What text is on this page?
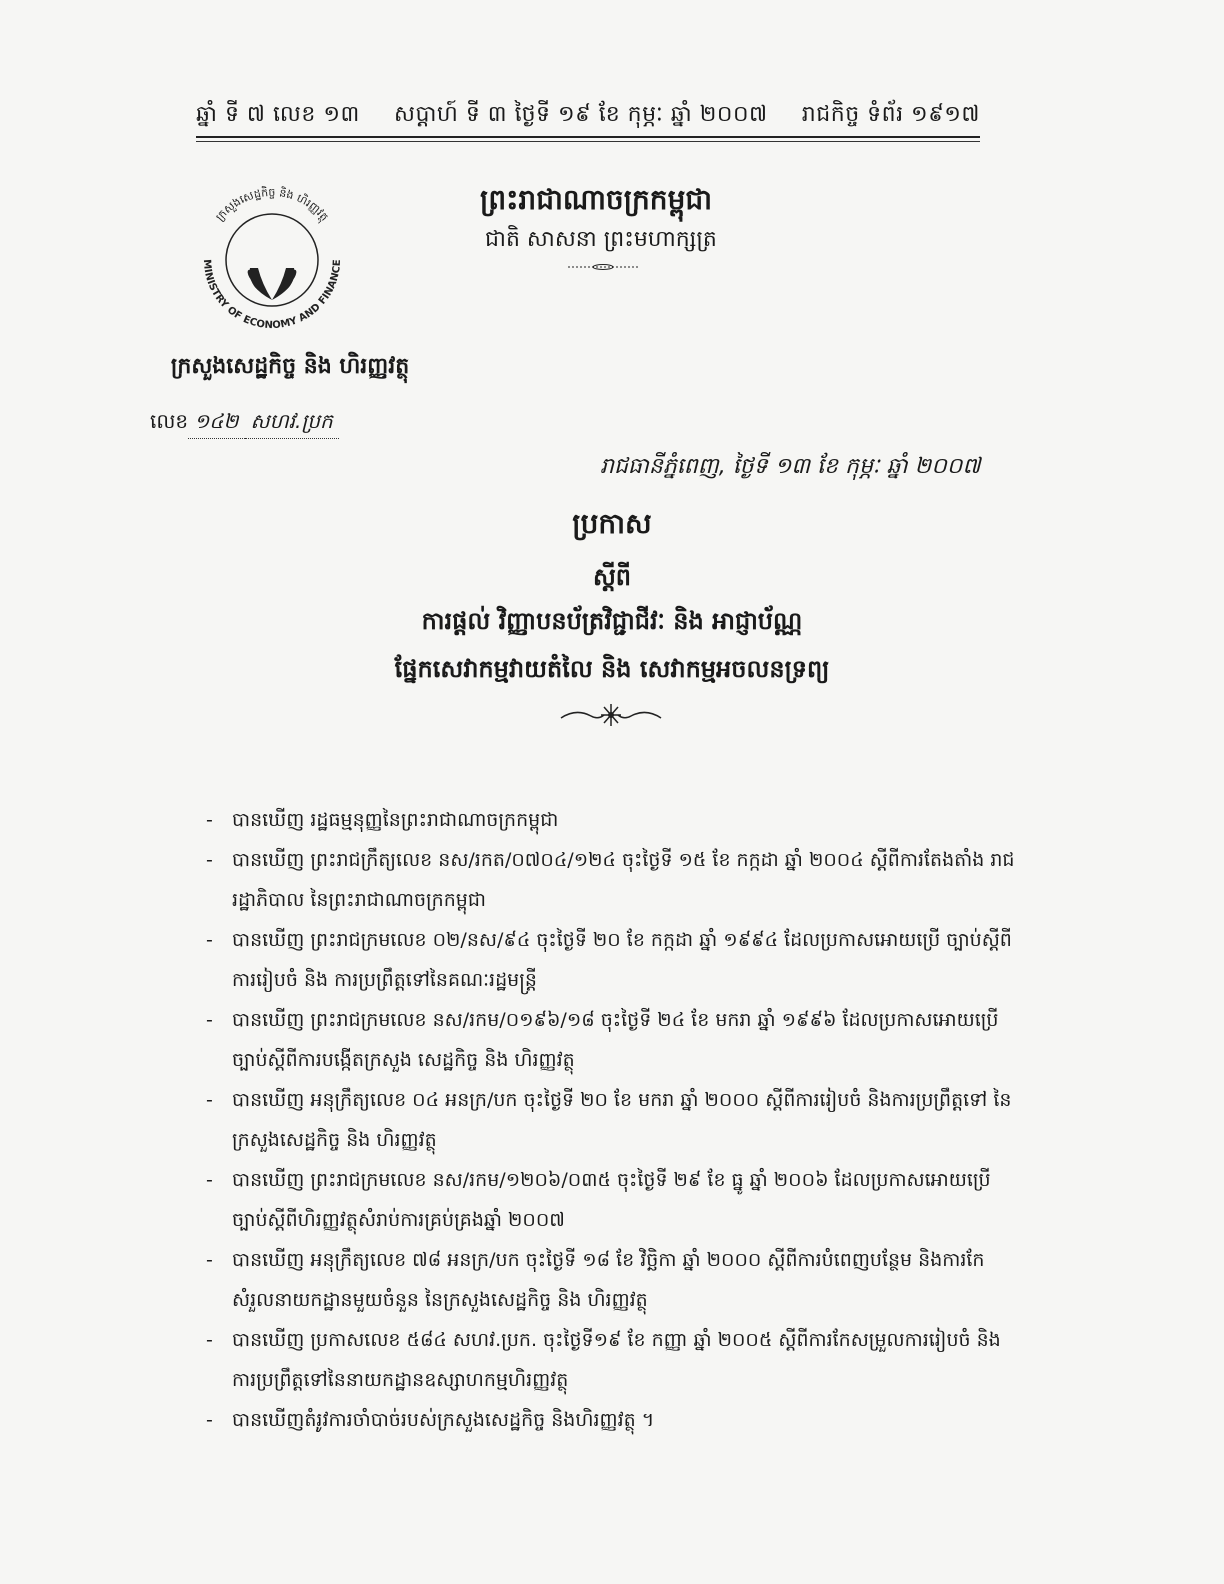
ឆ្នាំ ទី ៧ លេខ ១៣ សប្តាហ៍ ទី ៣ ថ្ងៃទី ១៩ ខែ កុម្ភៈ ឆ្នាំ ២០០៧ រាជកិច្ច ទំព័រ ១៩១៧
ក្រសួងសេដ្ឋកិច្ច និង ហិរញ្ញវត្ថុ
MINISTRY OF ECONOMY AND FINANCE
ក្រសួងសេដ្ឋកិច្ច និង ហិរញ្ញវត្ថុ
លេខ ១៤២ សហវ.ប្រក
ព្រះរាជាណាចក្រកម្ពុជា
ជាតិ សាសនា ព្រះមហាក្សត្រ
រាជធានីភ្នំពេញ, ថ្ងៃទី ១៣ ខែ កុម្ភៈ ឆ្នាំ ២០០៧
ប្រកាស
ស្តីពី
ការផ្តល់ វិញ្ញាបនប័ត្រវិជ្ជាជីវៈ និង អាជ្ញាប័ណ្ណ
ផ្នែកសេវាកម្មវាយតំលៃ និង សេវាកម្មអចលនទ្រព្យ
- បានឃើញ រដ្ឋធម្មនុញ្ញនៃព្រះរាជាណាចក្រកម្ពុជា
- បានឃើញ ព្រះរាជក្រឹត្យលេខ នស/រកត/០៧០៤/១២៤ ចុះថ្ងៃទី ១៥ ខែ កក្កដា ឆ្នាំ ២០០៤ ស្តីពីការតែងតាំង រាជរដ្ឋាភិបាល នៃព្រះរាជាណាចក្រកម្ពុជា
- បានឃើញ ព្រះរាជក្រមលេខ ០២/នស/៩៤ ចុះថ្ងៃទី ២០ ខែ កក្កដា ឆ្នាំ ១៩៩៤ ដែលប្រកាសអោយប្រើ ច្បាប់ស្តីពីការរៀបចំ និង ការប្រព្រឹត្តទៅនៃគណៈរដ្ឋមន្ត្រី
- បានឃើញ ព្រះរាជក្រមលេខ នស/រកម/០១៩៦/១៨ ចុះថ្ងៃទី ២៤ ខែ មករា ឆ្នាំ ១៩៩៦ ដែលប្រកាសអោយប្រើ ច្បាប់ស្តីពីការបង្កើតក្រសួង សេដ្ឋកិច្ច និង ហិរញ្ញវត្ថុ
- បានឃើញ អនុក្រឹត្យលេខ ០៤ អនក្រ/បក ចុះថ្ងៃទី ២០ ខែ មករា ឆ្នាំ ២០០០ ស្តីពីការរៀបចំ និងការប្រព្រឹត្តទៅ នៃក្រសួងសេដ្ឋកិច្ច និង ហិរញ្ញវត្ថុ
- បានឃើញ ព្រះរាជក្រមលេខ នស/រកម/១២០៦/០៣៥ ចុះថ្ងៃទី ២៩ ខែ ធ្នូ ឆ្នាំ ២០០៦ ដែលប្រកាសអោយប្រើ ច្បាប់ស្តីពីហិរញ្ញវត្ថុសំរាប់ការគ្រប់គ្រងឆ្នាំ ២០០៧
- បានឃើញ អនុក្រឹត្យលេខ ៧៨ អនក្រ/បក ចុះថ្ងៃទី ១៨ ខែ វិច្ឆិកា ឆ្នាំ ២០០០ ស្តីពីការបំពេញបន្ថែម និងការកែ សំរួលនាយកដ្ឋានមួយចំនួន នៃក្រសួងសេដ្ឋកិច្ច និង ហិរញ្ញវត្ថុ
- បានឃើញ ប្រកាសលេខ ៥៨៤ សហវ.ប្រក. ចុះថ្ងៃទី១៩ ខែ កញ្ញា ឆ្នាំ ២០០៥ ស្តីពីការកែសម្រួលការរៀបចំ និង ការប្រព្រឹត្តទៅនៃនាយកដ្ឋានឧស្សាហកម្មហិរញ្ញវត្ថុ
- បានឃើញតំរូវការចាំបាច់របស់ក្រសួងសេដ្ឋកិច្ច និងហិរញ្ញវត្ថុ ។
